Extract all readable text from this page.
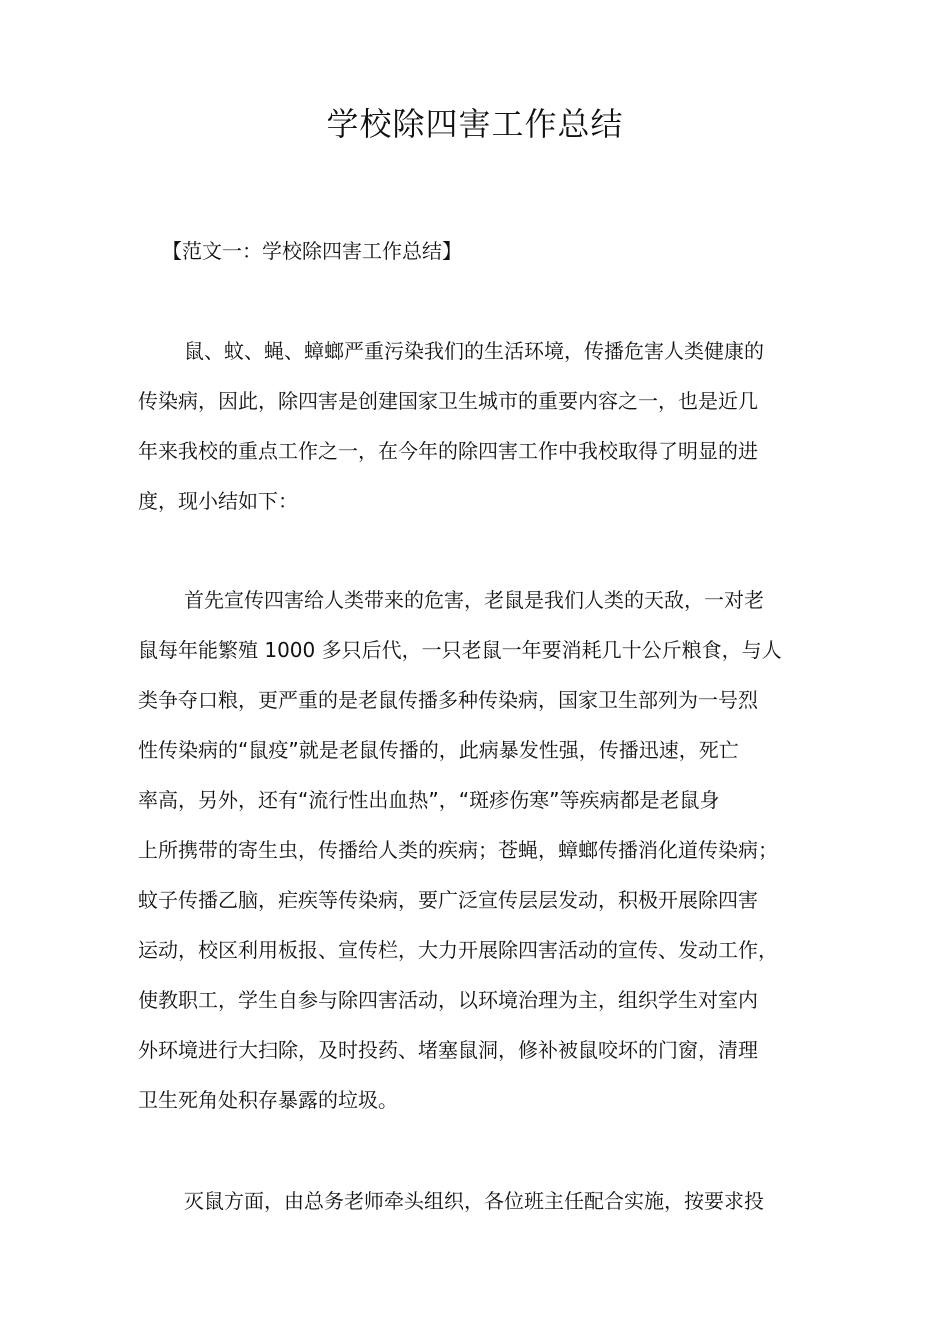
学校除四害工作总结

【范文一：学校除四害工作总结】

鼠、蚊、蝇、蟑螂严重污染我们的生活环境，传播危害人类健康的
传染病，因此，除四害是创建国家卫生城市的重要内容之一，也是近几
年来我校的重点工作之一，在今年的除四害工作中我校取得了明显的进
度，现小结如下：
首先宣传四害给人类带来的危害，老鼠是我们人类的天敌，一对老
鼠每年能繁殖 1000 多只后代，一只老鼠一年要消耗几十公斤粮食，与人
类争夺口粮，更严重的是老鼠传播多种传染病，国家卫生部列为一号烈
性传染病的“鼠疫”就是老鼠传播的，此病暴发性强，传播迅速，死亡
率高，另外，还有“流行性出血热”，“斑疹伤寒”等疾病都是老鼠身
上所携带的寄生虫，传播给人类的疾病；苍蝇，蟑螂传播消化道传染病；
蚊子传播乙脑，疟疾等传染病，要广泛宣传层层发动，积极开展除四害
运动，校区利用板报、宣传栏，大力开展除四害活动的宣传、发动工作，
使教职工，学生自参与除四害活动，以环境治理为主，组织学生对室内
外环境进行大扫除，及时投药、堵塞鼠洞，修补被鼠咬坏的门窗，清理
卫生死角处积存暴露的垃圾。
灭鼠方面，由总务老师牵头组织，各位班主任配合实施，按要求投
